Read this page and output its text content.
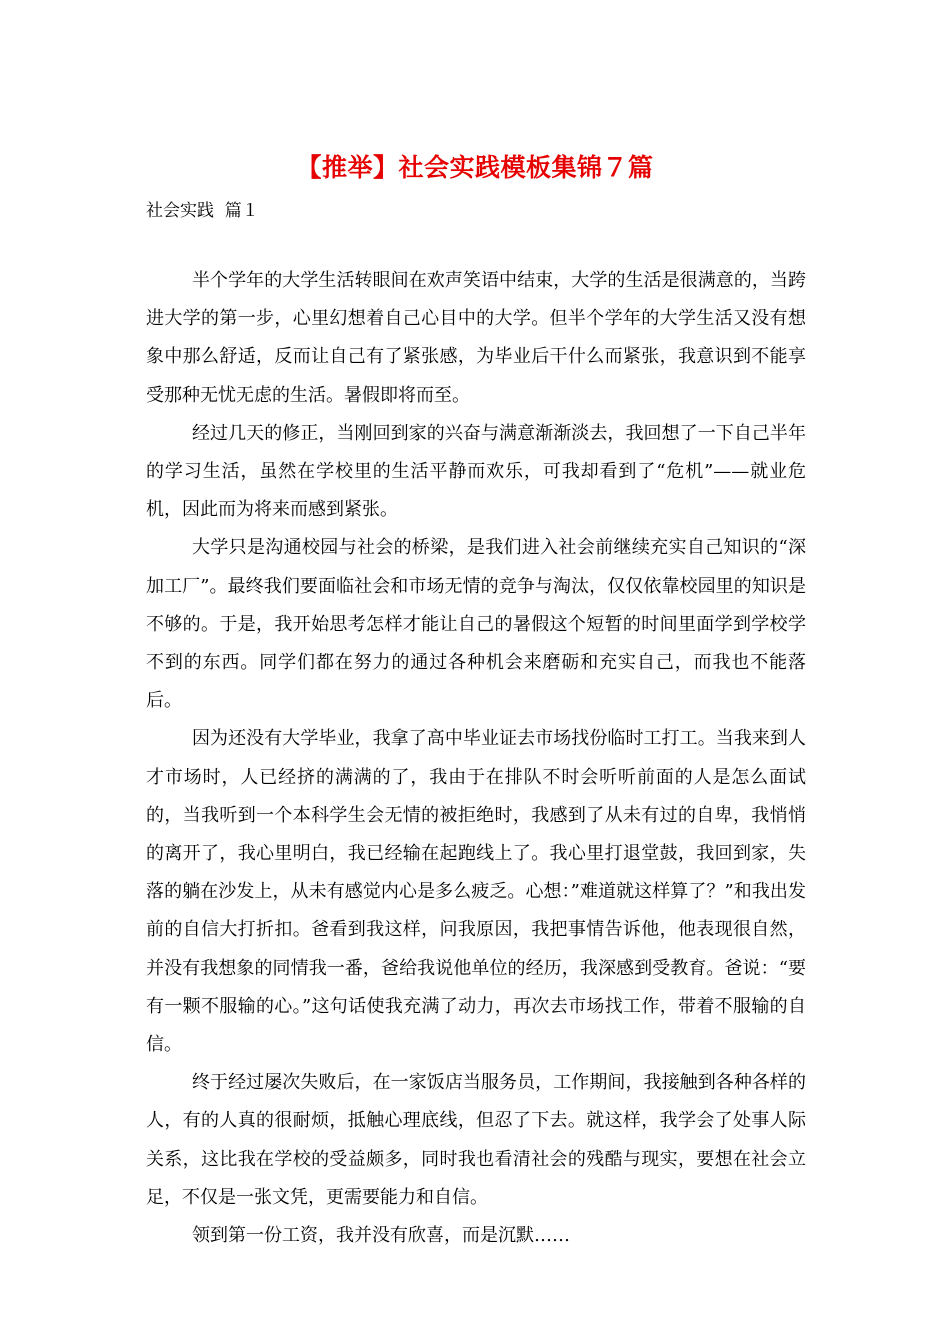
【推举】社会实践模板集锦７篇
社会实践  篇１

半个学年的大学生活转眼间在欢声笑语中结束，大学的生活是很满意的，当跨进大学的第一步，心里幻想着自己心目中的大学。但半个学年的大学生活又没有想象中那么舒适，反而让自己有了紧张感，为毕业后干什么而紧张，我意识到不能享受那种无忧无虑的生活。暑假即将而至。

经过几天的修正，当刚回到家的兴奋与满意渐渐淡去，我回想了一下自己半年的学习生活，虽然在学校里的生活平静而欢乐，可我却看到了“危机”——就业危机，因此而为将来而感到紧张。

大学只是沟通校园与社会的桥梁，是我们进入社会前继续充实自己知识的“深加工厂”。最终我们要面临社会和市场无情的竞争与淘汰，仅仅依靠校园里的知识是不够的。于是，我开始思考怎样才能让自己的暑假这个短暂的时间里面学到学校学不到的东西。同学们都在努力的通过各种机会来磨砺和充实自己，而我也不能落后。

因为还没有大学毕业，我拿了高中毕业证去市场找份临时工打工。当我来到人才市场时，人已经挤的满满的了，我由于在排队不时会听听前面的人是怎么面试的，当我听到一个本科学生会无情的被拒绝时，我感到了从未有过的自卑，我悄悄的离开了，我心里明白，我已经输在起跑线上了。我心里打退堂鼓，我回到家，失落的躺在沙发上，从未有感觉内心是多么疲乏。心想：”难道就这样算了？”和我出发前的自信大打折扣。爸看到我这样，问我原因，我把事情告诉他，他表现很自然，并没有我想象的同情我一番，爸给我说他单位的经历，我深感到受教育。爸说：“要有一颗不服输的心。”这句话使我充满了动力，再次去市场找工作，带着不服输的自信。

终于经过屡次失败后，在一家饭店当服务员，工作期间，我接触到各种各样的人，有的人真的很耐烦，抵触心理底线，但忍了下去。就这样，我学会了处事人际关系，这比我在学校的受益颇多，同时我也看清社会的残酷与现实，要想在社会立足，不仅是一张文凭，更需要能力和自信。

领到第一份工资，我并没有欣喜，而是沉默……
